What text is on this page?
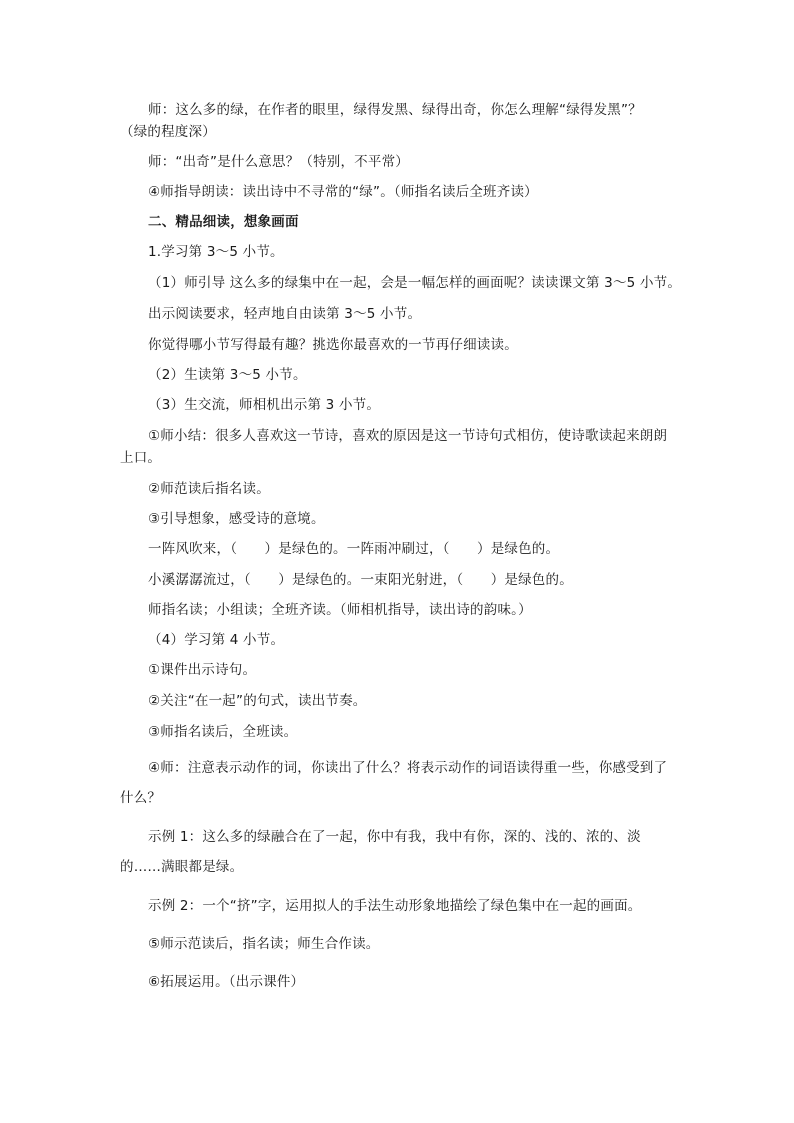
师：这么多的绿，在作者的眼里，绿得发黑、绿得出奇，你怎么理解“绿得发黑”？
（绿的程度深）
师：“出奇”是什么意思？（特别，不平常）
④师指导朗读：读出诗中不寻常的“绿”。（师指名读后全班齐读）
二、精品细读，想象画面
1.学习第 3～5 小节。
（1）师引导 这么多的绿集中在一起，会是一幅怎样的画面呢？读读课文第 3～5 小节。
出示阅读要求，轻声地自由读第 3～5 小节。
你觉得哪小节写得最有趣？挑选你最喜欢的一节再仔细读读。
（2）生读第 3～5 小节。
（3）生交流，师相机出示第 3 小节。
①师小结：很多人喜欢这一节诗，喜欢的原因是这一节诗句式相仿，使诗歌读起来朗朗
上口。
②师范读后指名读。
③引导想象，感受诗的意境。
一阵风吹来，（　　）是绿色的。一阵雨冲刷过，（　　）是绿色的。
小溪潺潺流过，（　　）是绿色的。一束阳光射进，（　　）是绿色的。
师指名读；小组读；全班齐读。（师相机指导，读出诗的韵味。）
（4）学习第 4 小节。
①课件出示诗句。
②关注“在一起”的句式，读出节奏。
③师指名读后，全班读。
④师：注意表示动作的词，你读出了什么？将表示动作的词语读得重一些，你感受到了
什么？
示例 1：这么多的绿融合在了一起，你中有我，我中有你，深的、浅的、浓的、淡
的……满眼都是绿。
示例 2：一个“挤”字，运用拟人的手法生动形象地描绘了绿色集中在一起的画面。
⑤师示范读后，指名读；师生合作读。
⑥拓展运用。（出示课件）
